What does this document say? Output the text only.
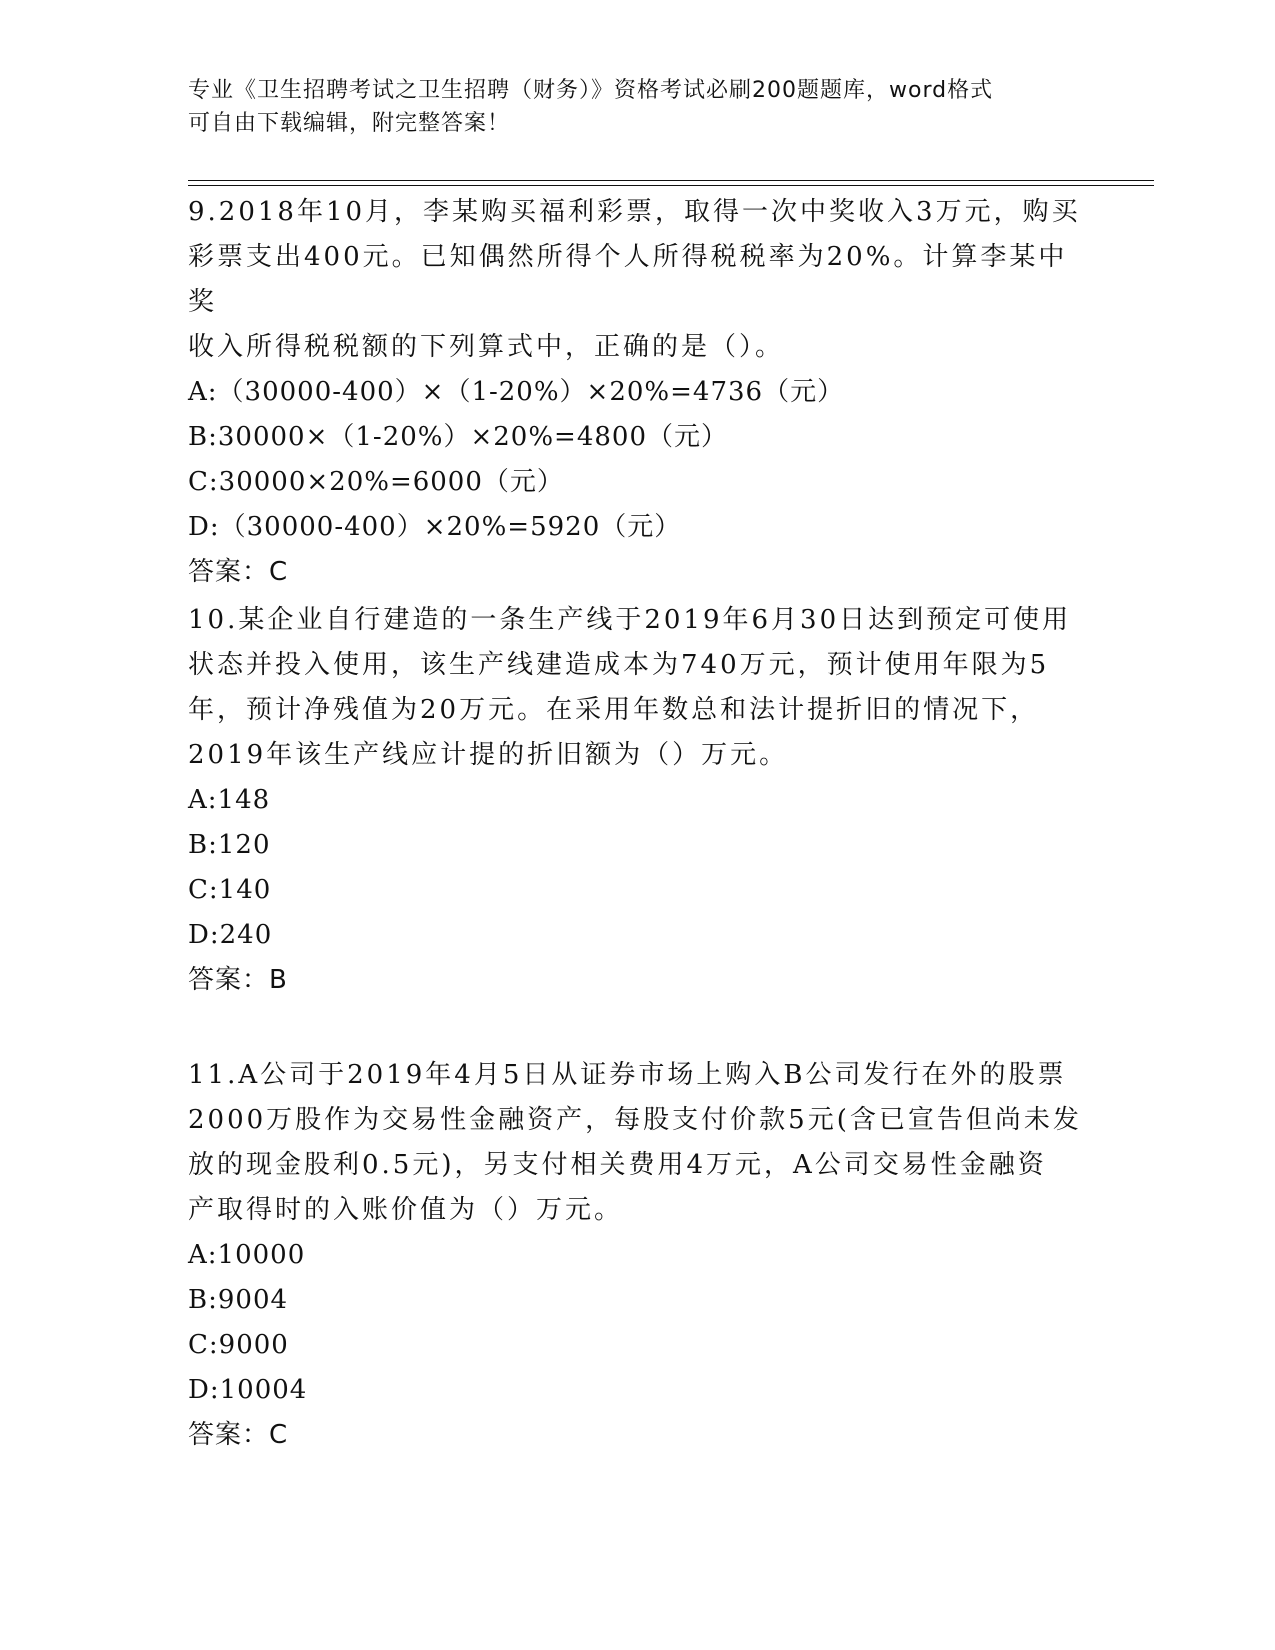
专业《卫生招聘考试之卫生招聘（财务）》资格考试必刷200题题库，word格式
可自由下载编辑，附完整答案！

9.2018年10月，李某购买福利彩票，取得一次中奖收入3万元，购买

彩票支出400元。已知偶然所得个人所得税税率为20%。计算李某中奖

收入所得税税额的下列算式中，正确的是（）。

A:（30000-400）×（1-20%）×20%=4736（元）

B:30000×（1-20%）×20%=4800（元）

C:30000×20%=6000（元）

D:（30000-400）×20%=5920（元）

答案：C

10.某企业自行建造的一条生产线于2019年6月30日达到预定可使用

状态并投入使用，该生产线建造成本为740万元，预计使用年限为5

年，预计净残值为20万元。在采用年数总和法计提折旧的情况下，

2019年该生产线应计提的折旧额为（）万元。

A:148

B:120

C:140

D:240

答案：B

11.A公司于2019年4月5日从证券市场上购入B公司发行在外的股票

2000万股作为交易性金融资产，每股支付价款5元(含已宣告但尚未发

放的现金股利0.5元)，另支付相关费用4万元，A公司交易性金融资

产取得时的入账价值为（）万元。

A:10000

B:9004

C:9000

D:10004

答案：C
